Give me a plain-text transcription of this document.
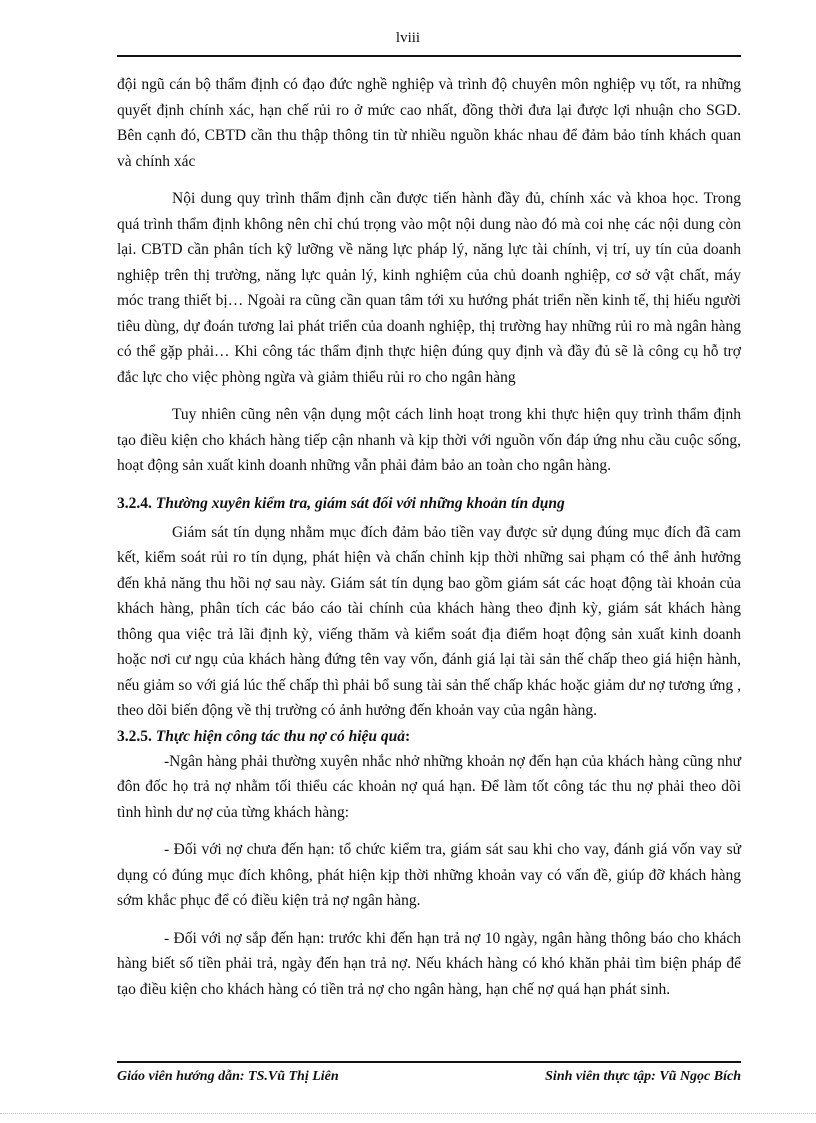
lviii

đội ngũ cán bộ thẩm định có đạo đức nghề nghiệp và trình độ chuyên môn nghiệp vụ tốt, ra những quyết định chính xác, hạn chế rủi ro ở mức cao nhất, đồng thời đưa lại được lợi nhuận cho SGD. Bên cạnh đó, CBTD cần thu thập thông tin từ nhiều nguồn khác nhau để đảm bảo tính khách quan và chính xác

Nội dung quy trình thẩm định cần được tiến hành đầy đủ, chính xác và khoa học. Trong quá trình thẩm định không nên chỉ chú trọng vào một nội dung nào đó mà coi nhẹ các nội dung còn lại. CBTD cần phân tích kỹ lưỡng về năng lực pháp lý, năng lực tài chính, vị trí, uy tín của doanh nghiệp trên thị trường, năng lực quản lý, kinh nghiệm của chủ doanh nghiệp, cơ sở vật chất, máy móc trang thiết bị… Ngoài ra cũng cần quan tâm tới xu hướng phát triển nền kinh tế, thị hiếu người tiêu dùng, dự đoán tương lai phát triển của doanh nghiệp, thị trường hay những rủi ro mà ngân hàng có thể gặp phải… Khi công tác thẩm định thực hiện đúng quy định và đầy đủ sẽ là công cụ hỗ trợ đắc lực cho việc phòng ngừa và giảm thiểu rủi ro cho ngân hàng

Tuy nhiên cũng nên vận dụng một cách linh hoạt trong khi thực hiện quy trình thẩm định tạo điều kiện cho khách hàng tiếp cận nhanh và kịp thời với nguồn vốn đáp ứng nhu cầu cuộc sống, hoạt động sản xuất kinh doanh những vẫn phải đảm bảo an toàn cho ngân hàng.

3.2.4. Thường xuyên kiểm tra, giám sát đối với những khoản tín dụng

Giám sát tín dụng nhằm mục đích đảm bảo tiền vay được sử dụng đúng mục đích đã cam kết, kiểm soát rủi ro tín dụng, phát hiện và chấn chỉnh kịp thời những sai phạm có thể ảnh hưởng đến khả năng thu hồi nợ sau này. Giám sát tín dụng bao gồm giám sát các hoạt động tài khoản của khách hàng, phân tích các báo cáo tài chính của khách hàng theo định kỳ, giám sát khách hàng thông qua việc trả lãi định kỳ, viếng thăm và kiểm soát địa điểm hoạt động sản xuất kinh doanh hoặc nơi cư ngụ của khách hàng đứng tên vay vốn, đánh giá lại tài sản thế chấp theo giá hiện hành, nếu giảm so với giá lúc thế chấp thì phải bổ sung tài sản thế chấp khác hoặc giảm dư nợ tương ứng , theo dõi biến động về thị trường có ảnh hưởng đến khoản vay của ngân hàng.

3.2.5. Thực hiện công tác thu nợ có hiệu quả:

-Ngân hàng phải thường xuyên nhắc nhở những khoản nợ đến hạn của khách hàng cũng như đôn đốc họ trả nợ nhằm tối thiểu các khoản nợ quá hạn. Để làm tốt công tác thu nợ phải theo dõi tình hình dư nợ của từng khách hàng:

- Đối với nợ chưa đến hạn: tổ chức kiểm tra, giám sát sau khi cho vay, đánh giá vốn vay sử dụng có đúng mục đích không, phát hiện kịp thời những khoản vay có vấn đề, giúp đỡ khách hàng sớm khắc phục để có điều kiện trả nợ ngân hàng.

- Đối với nợ sắp đến hạn: trước khi đến hạn trả nợ 10 ngày, ngân hàng thông báo cho khách hàng biết số tiền phải trả, ngày đến hạn trả nợ. Nếu khách hàng có khó khăn phải tìm biện pháp để tạo điều kiện cho khách hàng có tiền trả nợ cho ngân hàng, hạn chế nợ quá hạn phát sinh.

Giáo viên hướng dẫn: TS.Vũ Thị Liên	Sinh viên thực tập: Vũ Ngọc Bích
